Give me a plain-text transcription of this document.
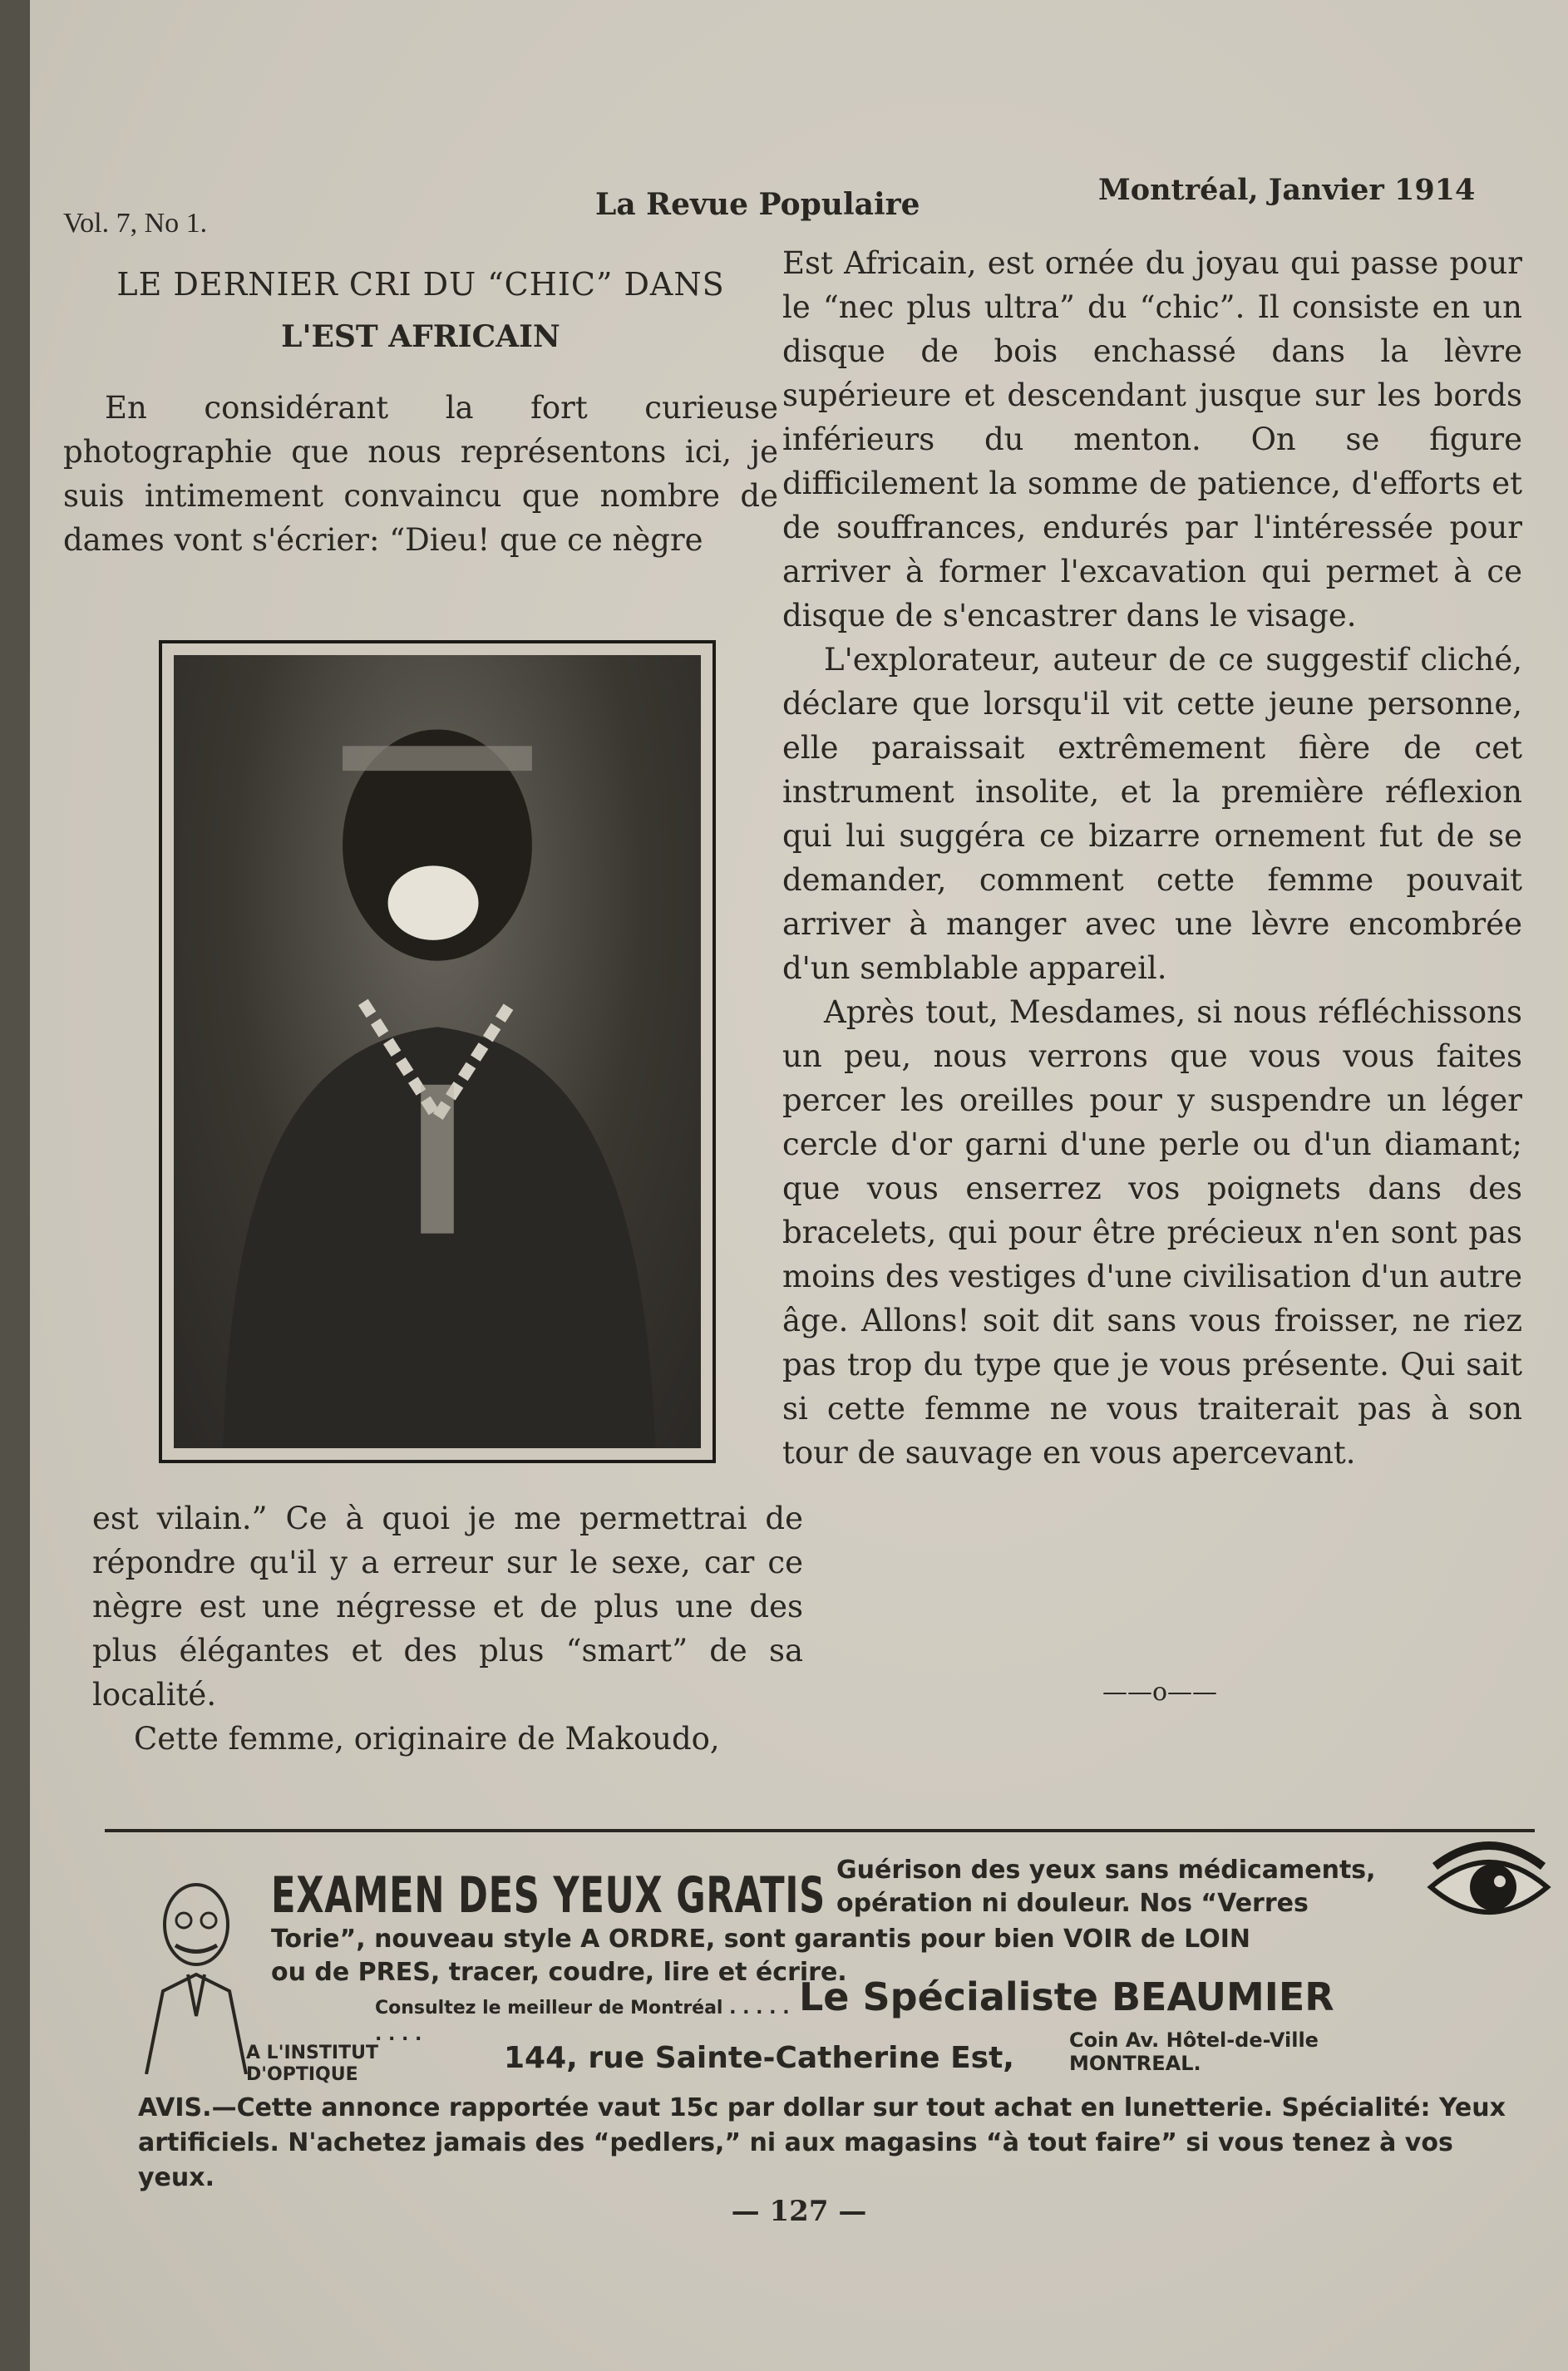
Vol. 7, No 1.
La Revue Populaire	Montréal, Janvier 1914
LE DERNIER CRI DU “CHIC” DANS
L'EST AFRICAIN

En considérant la fort curieuse photographie que nous représentons ici, je suis intimement convaincu que nombre de dames vont s'écrier: “Dieu! que ce nègre

est vilain.” Ce à quoi je me permettrai de répondre qu'il y a erreur sur le sexe, car ce nègre est une négresse et de plus une des plus élégantes et des plus “smart” de sa localité.

Cette femme, originaire de Makoudo,

Est Africain, est ornée du joyau qui passe pour le “nec plus ultra” du “chic”. Il consiste en un disque de bois enchassé dans la lèvre supérieure et descendant jusque sur les bords inférieurs du menton. On se figure difficilement la somme de patience, d'efforts et de souffrances, endurés par l'intéressée pour arriver à former l'excavation qui permet à ce disque de s'encastrer dans le visage.

L'explorateur, auteur de ce suggestif cliché, déclare que lorsqu'il vit cette jeune personne, elle paraissait extrêmement fière de cet instrument insolite, et la première réflexion qui lui suggéra ce bizarre ornement fut de se demander, comment cette femme pouvait arriver à manger avec une lèvre encombrée d'un semblable appareil.

Après tout, Mesdames, si nous réfléchissons un peu, nous verrons que vous vous faites percer les oreilles pour y suspendre un léger cercle d'or garni d'une perle ou d'un diamant; que vous enserrez vos poignets dans des bracelets, qui pour être précieux n'en sont pas moins des vestiges d'une civilisation d'un autre âge. Allons! soit dit sans vous froisser, ne riez pas trop du type que je vous présente. Qui sait si cette femme ne vous traiterait pas à son tour de sauvage en vous apercevant.

——o——
EXAMEN DES YEUX GRATIS Guérison des yeux sans médicaments, opération ni douleur. Nos “Verres
Torie”, nouveau style A ORDRE, sont garantis pour bien VOIR de LOIN
ou de PRES, tracer, coudre, lire et écrire.
Consultez le meilleur de Montréal . . . . . . . . .
Le Spécialiste BEAUMIER
A L'INSTITUT
D'OPTIQUE	144, rue Sainte-Catherine Est,
Coin Av. Hôtel-de-Ville
MONTREAL.
AVIS.—Cette annonce rapportée vaut 15c par dollar sur tout achat en lunetterie. Spécialité: Yeux artificiels. N'achetez jamais des “pedlers,” ni aux magasins “à tout faire” si vous tenez à vos yeux.
— 127 —
